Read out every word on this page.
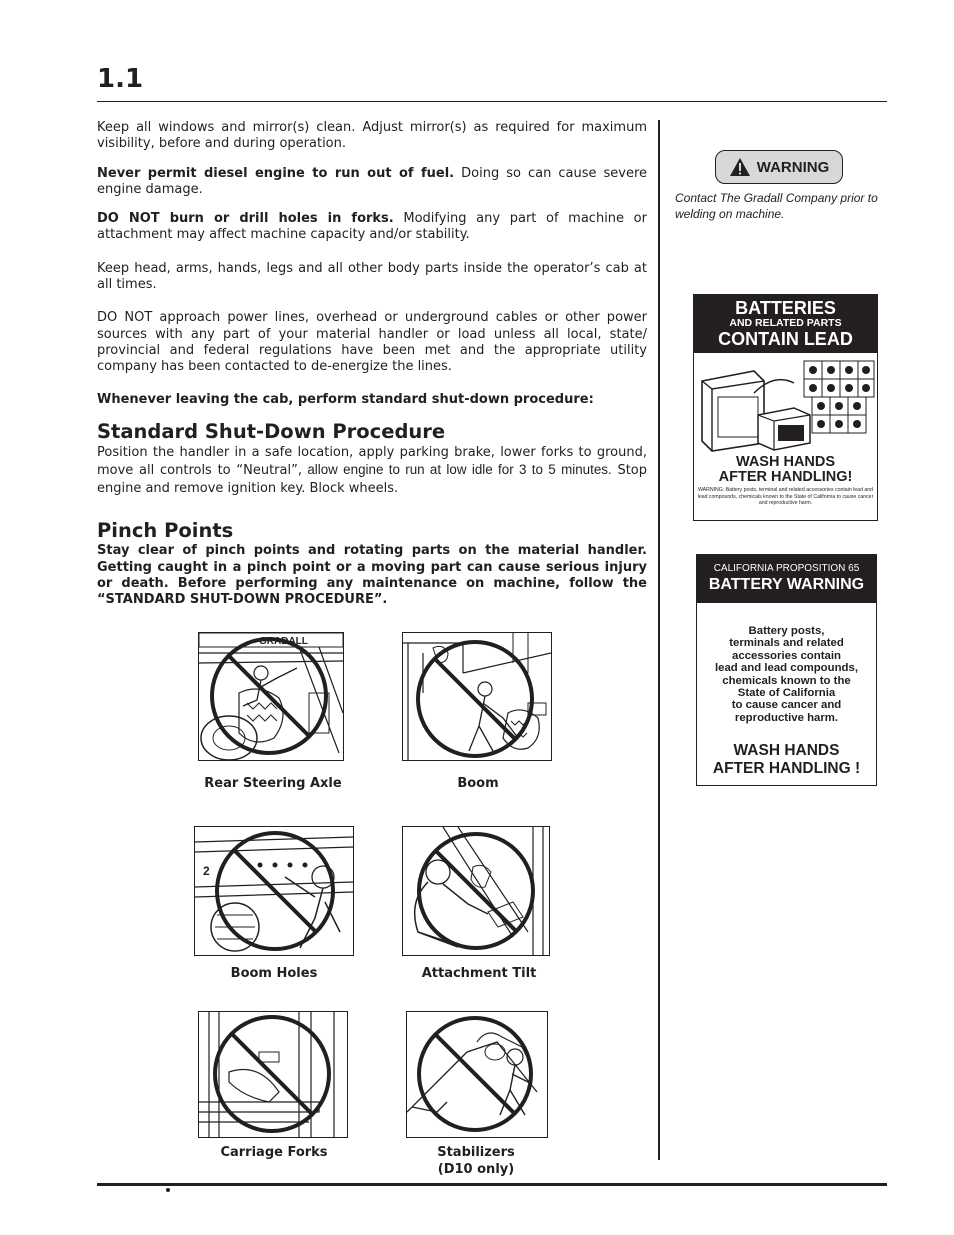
1.1

Keep all windows and mirror(s) clean. Adjust mirror(s) as required for maximum visibility, before and during operation.

Never permit diesel engine to run out of fuel. Doing so can cause severe engine damage.

DO NOT burn or drill holes in forks. Modifying any part of machine or attachment may affect machine capacity and/or stability.

Keep head, arms, hands, legs and all other body parts inside the operator’s cab at all times.

DO NOT approach power lines, overhead or underground cables or other power sources with any part of your material handler or load unless all local, state/ provincial and federal regulations have been met and the appropriate utility company has been contacted to de-energize the lines.

Whenever leaving the cab, perform standard shut-down procedure:

Standard Shut-Down Procedure

Position the handler in a safe location, apply parking brake, lower forks to ground, move all controls to “Neutral”, allow engine to run at low idle for 3 to 5 minutes. Stop engine and remove ignition key. Block wheels.

Pinch Points

Stay clear of pinch points and rotating parts on the material handler. Getting caught in a pinch point or a moving part can cause serious injury or death. Before performing any maintenance on machine, follow the “STANDARD SHUT-DOWN PROCEDURE”.

GRADALL
Rear Steering Axle	Boom
2
Boom Holes	Attachment Tilt
Carriage Forks	Stabilizers
(D10 only)
WARNING
Contact The Gradall Company prior to welding on machine.
BATTERIES
AND RELATED PARTS
CONTAIN LEAD
WASH HANDS
AFTER HANDLING!
WARNING: Battery posts, terminal and related accessories contain lead and lead compounds, chemicals known to the State of California to cause cancer and reproductive harm.
CALIFORNIA PROPOSITION 65
BATTERY WARNING
Battery posts,
terminals and related
accessories contain
lead and lead compounds,
chemicals known to the
State of California
to cause cancer and
reproductive harm.
WASH HANDS
AFTER HANDLING !
